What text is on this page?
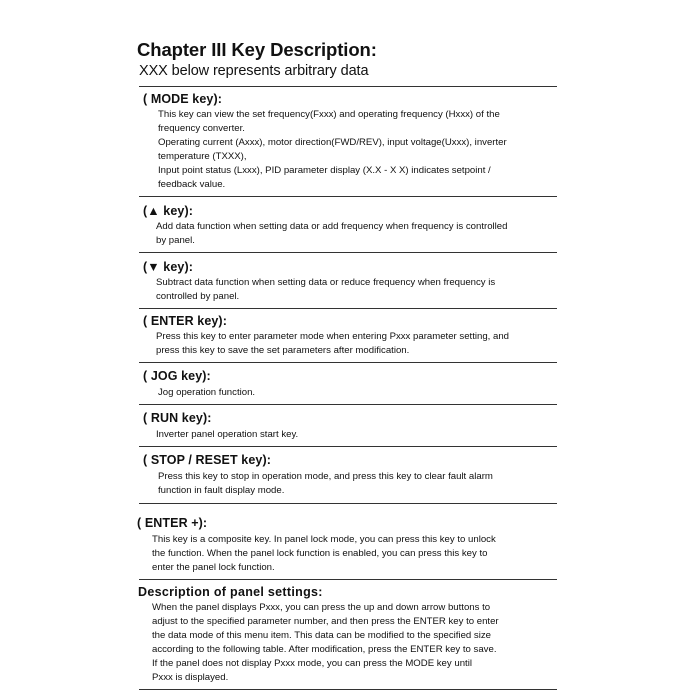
Chapter III Key Description:
XXX below represents arbitrary data
( MODE key):

This key can view the set frequency(Fxxx) and operating frequency (Hxxx) of the

frequency converter.

Operating current (Axxx), motor direction(FWD/REV), input voltage(Uxxx), inverter

temperature (TXXX),

Input point status (Lxxx), PID parameter display (X.X - X X) indicates setpoint /

feedback value.

(▲ key):

Add data function when setting data or add frequency when frequency is controlled

by panel.

(▼ key):

Subtract data function when setting data or reduce frequency when frequency is

controlled by panel.

( ENTER key):

Press this key to enter parameter mode when entering Pxxx parameter setting, and

press this key to save the set parameters after modification.

( JOG key):

Jog operation function.

( RUN key):

Inverter panel operation start key.

( STOP / RESET key):

Press this key to stop in operation mode, and press this key to clear fault alarm

function in fault display mode.

( ENTER +):

This key is a composite key. In panel lock mode, you can press this key to unlock

the function. When the panel lock function is enabled, you can press this key to

enter the panel lock function.

Description of panel settings:

When the panel displays Pxxx, you can press the up and down arrow buttons to

adjust to the specified parameter number, and then press the ENTER key to enter

the data mode of this menu item. This data can be modified to the specified size

according to the following table. After modification, press the ENTER key to save.

If the panel does not display Pxxx mode, you can press the MODE key until

Pxxx is displayed.
